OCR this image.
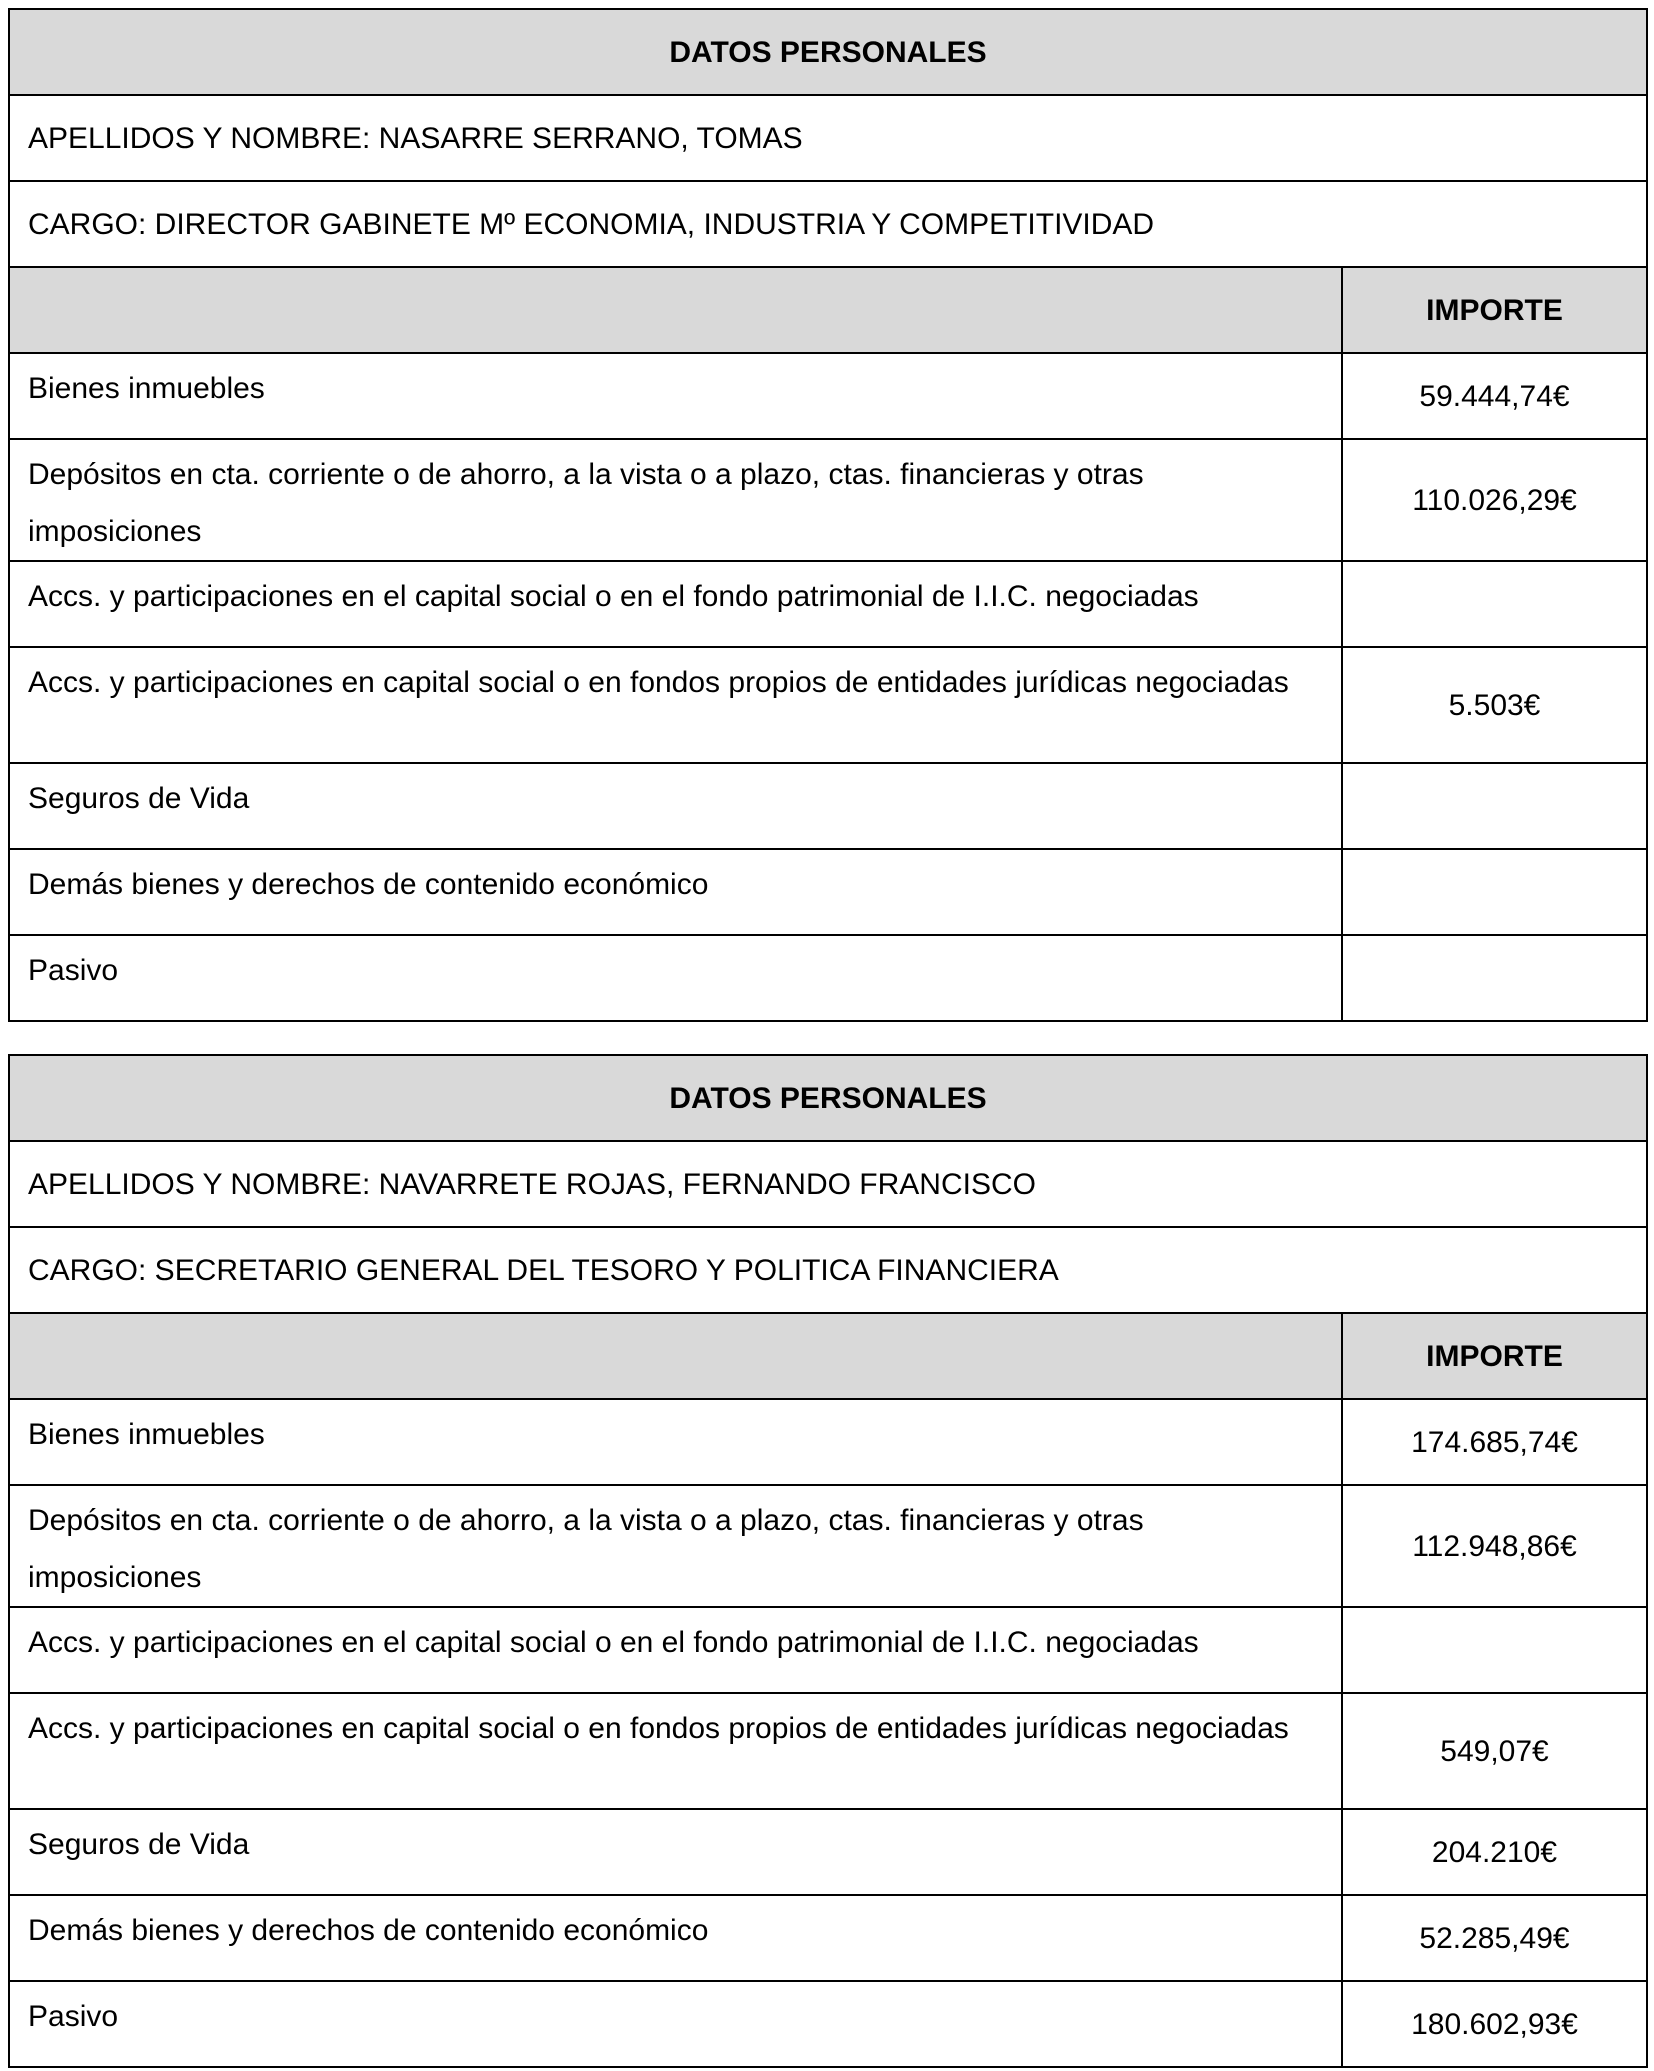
DATOS PERSONALES	
APELLIDOS Y NOMBRE: NASARRE SERRANO, TOMAS	
CARGO: DIRECTOR GABINETE Mº ECONOMIA, INDUSTRIA Y COMPETITIVIDAD	
	IMPORTE
Bienes inmuebles	59.444,74€
Depósitos en cta. corriente o de ahorro, a la vista o a plazo, ctas. financieras y otras imposiciones	110.026,29€
Accs. y participaciones en el capital social o en el fondo patrimonial de I.I.C. negociadas	
Accs. y participaciones en capital social o en fondos propios de entidades jurídicas negociadas	5.503€
Seguros de Vida	
Demás bienes y derechos de contenido económico	
Pasivo	
DATOS PERSONALES	
APELLIDOS Y NOMBRE: NAVARRETE ROJAS, FERNANDO FRANCISCO	
CARGO: SECRETARIO GENERAL DEL TESORO Y POLITICA FINANCIERA	
	IMPORTE
Bienes inmuebles	174.685,74€
Depósitos en cta. corriente o de ahorro, a la vista o a plazo, ctas. financieras y otras imposiciones	112.948,86€
Accs. y participaciones en el capital social o en el fondo patrimonial de I.I.C. negociadas	
Accs. y participaciones en capital social o en fondos propios de entidades jurídicas negociadas	549,07€
Seguros de Vida	204.210€
Demás bienes y derechos de contenido económico	52.285,49€
Pasivo	180.602,93€
